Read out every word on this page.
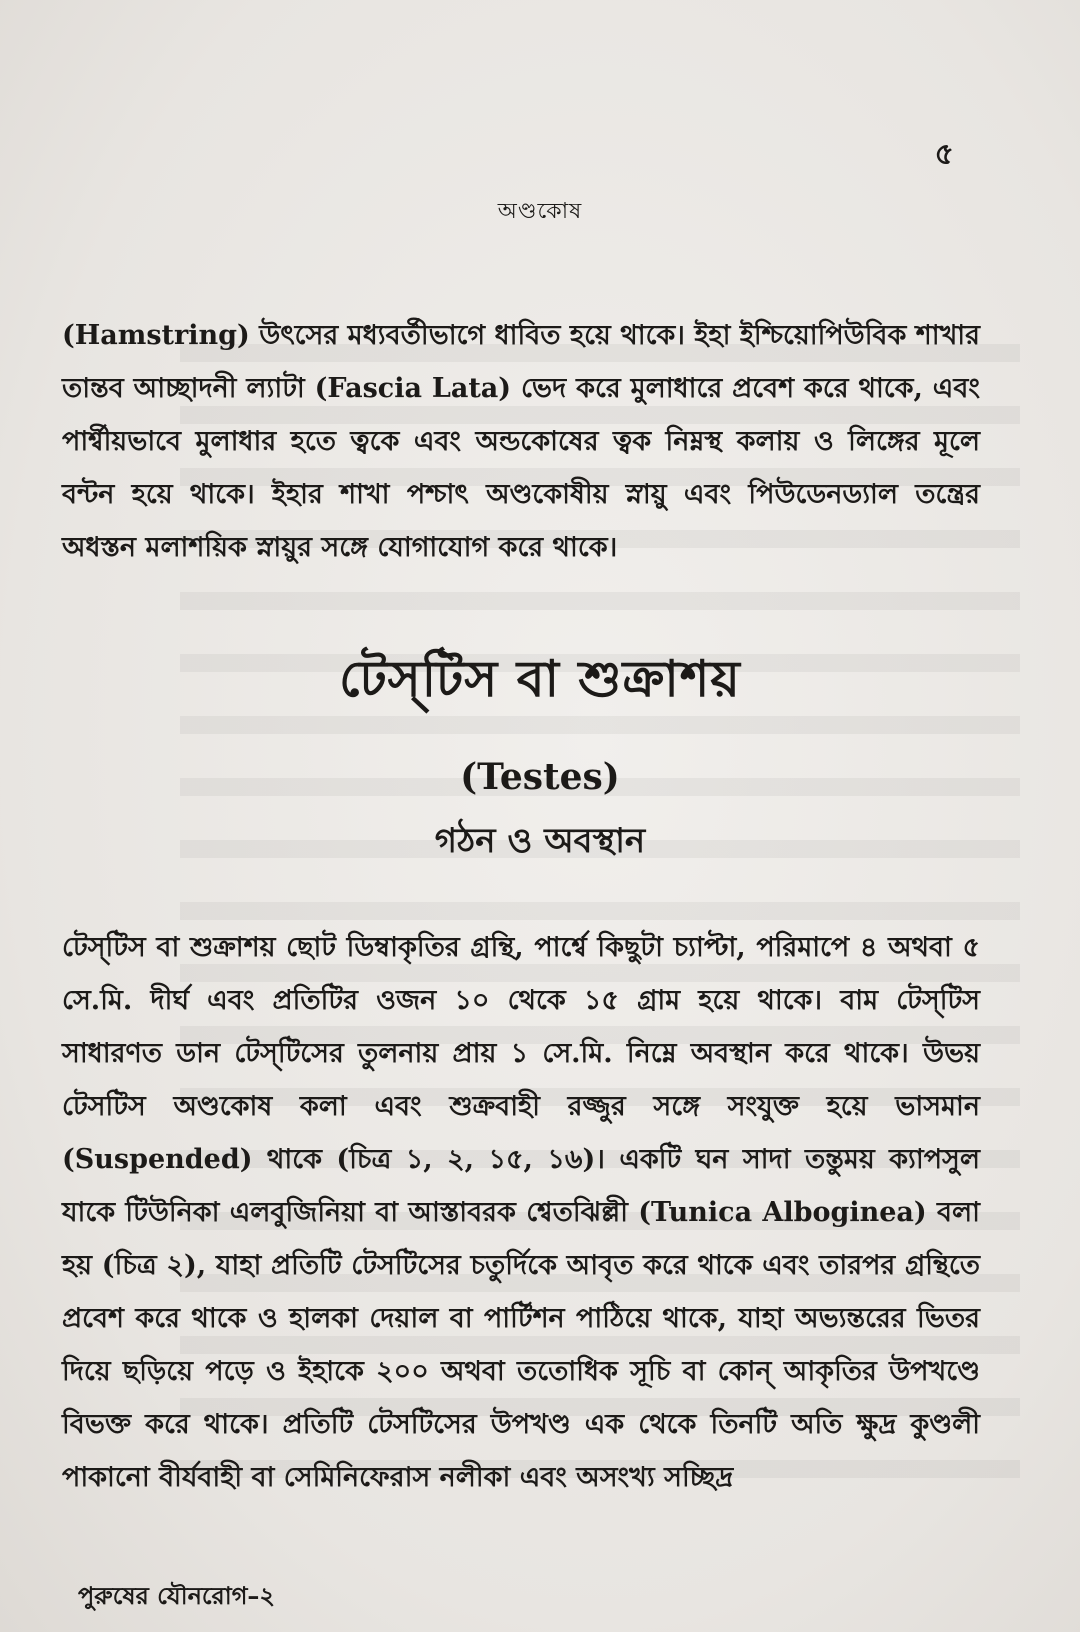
৫
অণ্ডকোষ

(Hamstring) উৎসের মধ্যবর্তীভাগে ধাবিত হয়ে থাকে। ইহা ইশ্চিয়োপিউবিক শাখার তান্তব আচ্ছাদনী ল্যাটা (Fascia Lata) ভেদ করে মুলাধারে প্রবেশ করে থাকে, এবং পার্শ্বীয়ভাবে মুলাধার হতে ত্বকে এবং অন্ডকোষের ত্বক নিম্নস্থ কলায় ও লিঙ্গের মূলে বন্টন হয়ে থাকে। ইহার শাখা পশ্চাৎ অণ্ডকোষীয় স্নায়ু এবং পিউডেনড্যাল তন্ত্রের অধস্তন মলাশয়িক স্নায়ুর সঙ্গে যোগাযোগ করে থাকে।

টেস্‌টিস বা শুক্রাশয়
(Testes)
গঠন ও অবস্থান

টেস্‌টিস বা শুক্রাশয় ছোট ডিম্বাকৃতির গ্রন্থি, পার্শ্বে কিছুটা চ্যাপ্টা, পরিমাপে ৪ অথবা ৫ সে.মি. দীর্ঘ এবং প্রতিটির ওজন ১০ থেকে ১৫ গ্রাম হয়ে থাকে। বাম টেস্‌টিস সাধারণত ডান টেস্‌টিসের তুলনায় প্রায় ১ সে.মি. নিম্নে অবস্থান করে থাকে। উভয় টেসটিস অণ্ডকোষ কলা এবং শুক্রবাহী রজ্জুর সঙ্গে সংযুক্ত হয়ে ভাসমান (Suspended) থাকে (চিত্র ১, ২, ১৫, ১৬)। একটি ঘন সাদা তন্তুময় ক্যাপসুল যাকে টিউনিকা এলবুজিনিয়া বা আস্তাবরক শ্বেতঝিল্লী (Tunica Alboginea) বলা হয় (চিত্র ২), যাহা প্রতিটি টেসটিসের চতুর্দিকে আবৃত করে থাকে এবং তারপর গ্রন্থিতে প্রবেশ করে থাকে ও হালকা দেয়াল বা পার্টিশন পাঠিয়ে থাকে, যাহা অভ্যন্তরের ভিতর দিয়ে ছড়িয়ে পড়ে ও ইহাকে ২০০ অথবা ততোধিক সূচি বা কোন্ আকৃতির উপখণ্ডে বিভক্ত করে থাকে। প্রতিটি টেসটিসের উপখণ্ড এক থেকে তিনটি অতি ক্ষুদ্র কুণ্ডলী পাকানো বীর্যবাহী বা সেমিনিফেরাস নলীকা এবং অসংখ্য সচ্ছিদ্র

পুরুষের যৌনরোগ–২
